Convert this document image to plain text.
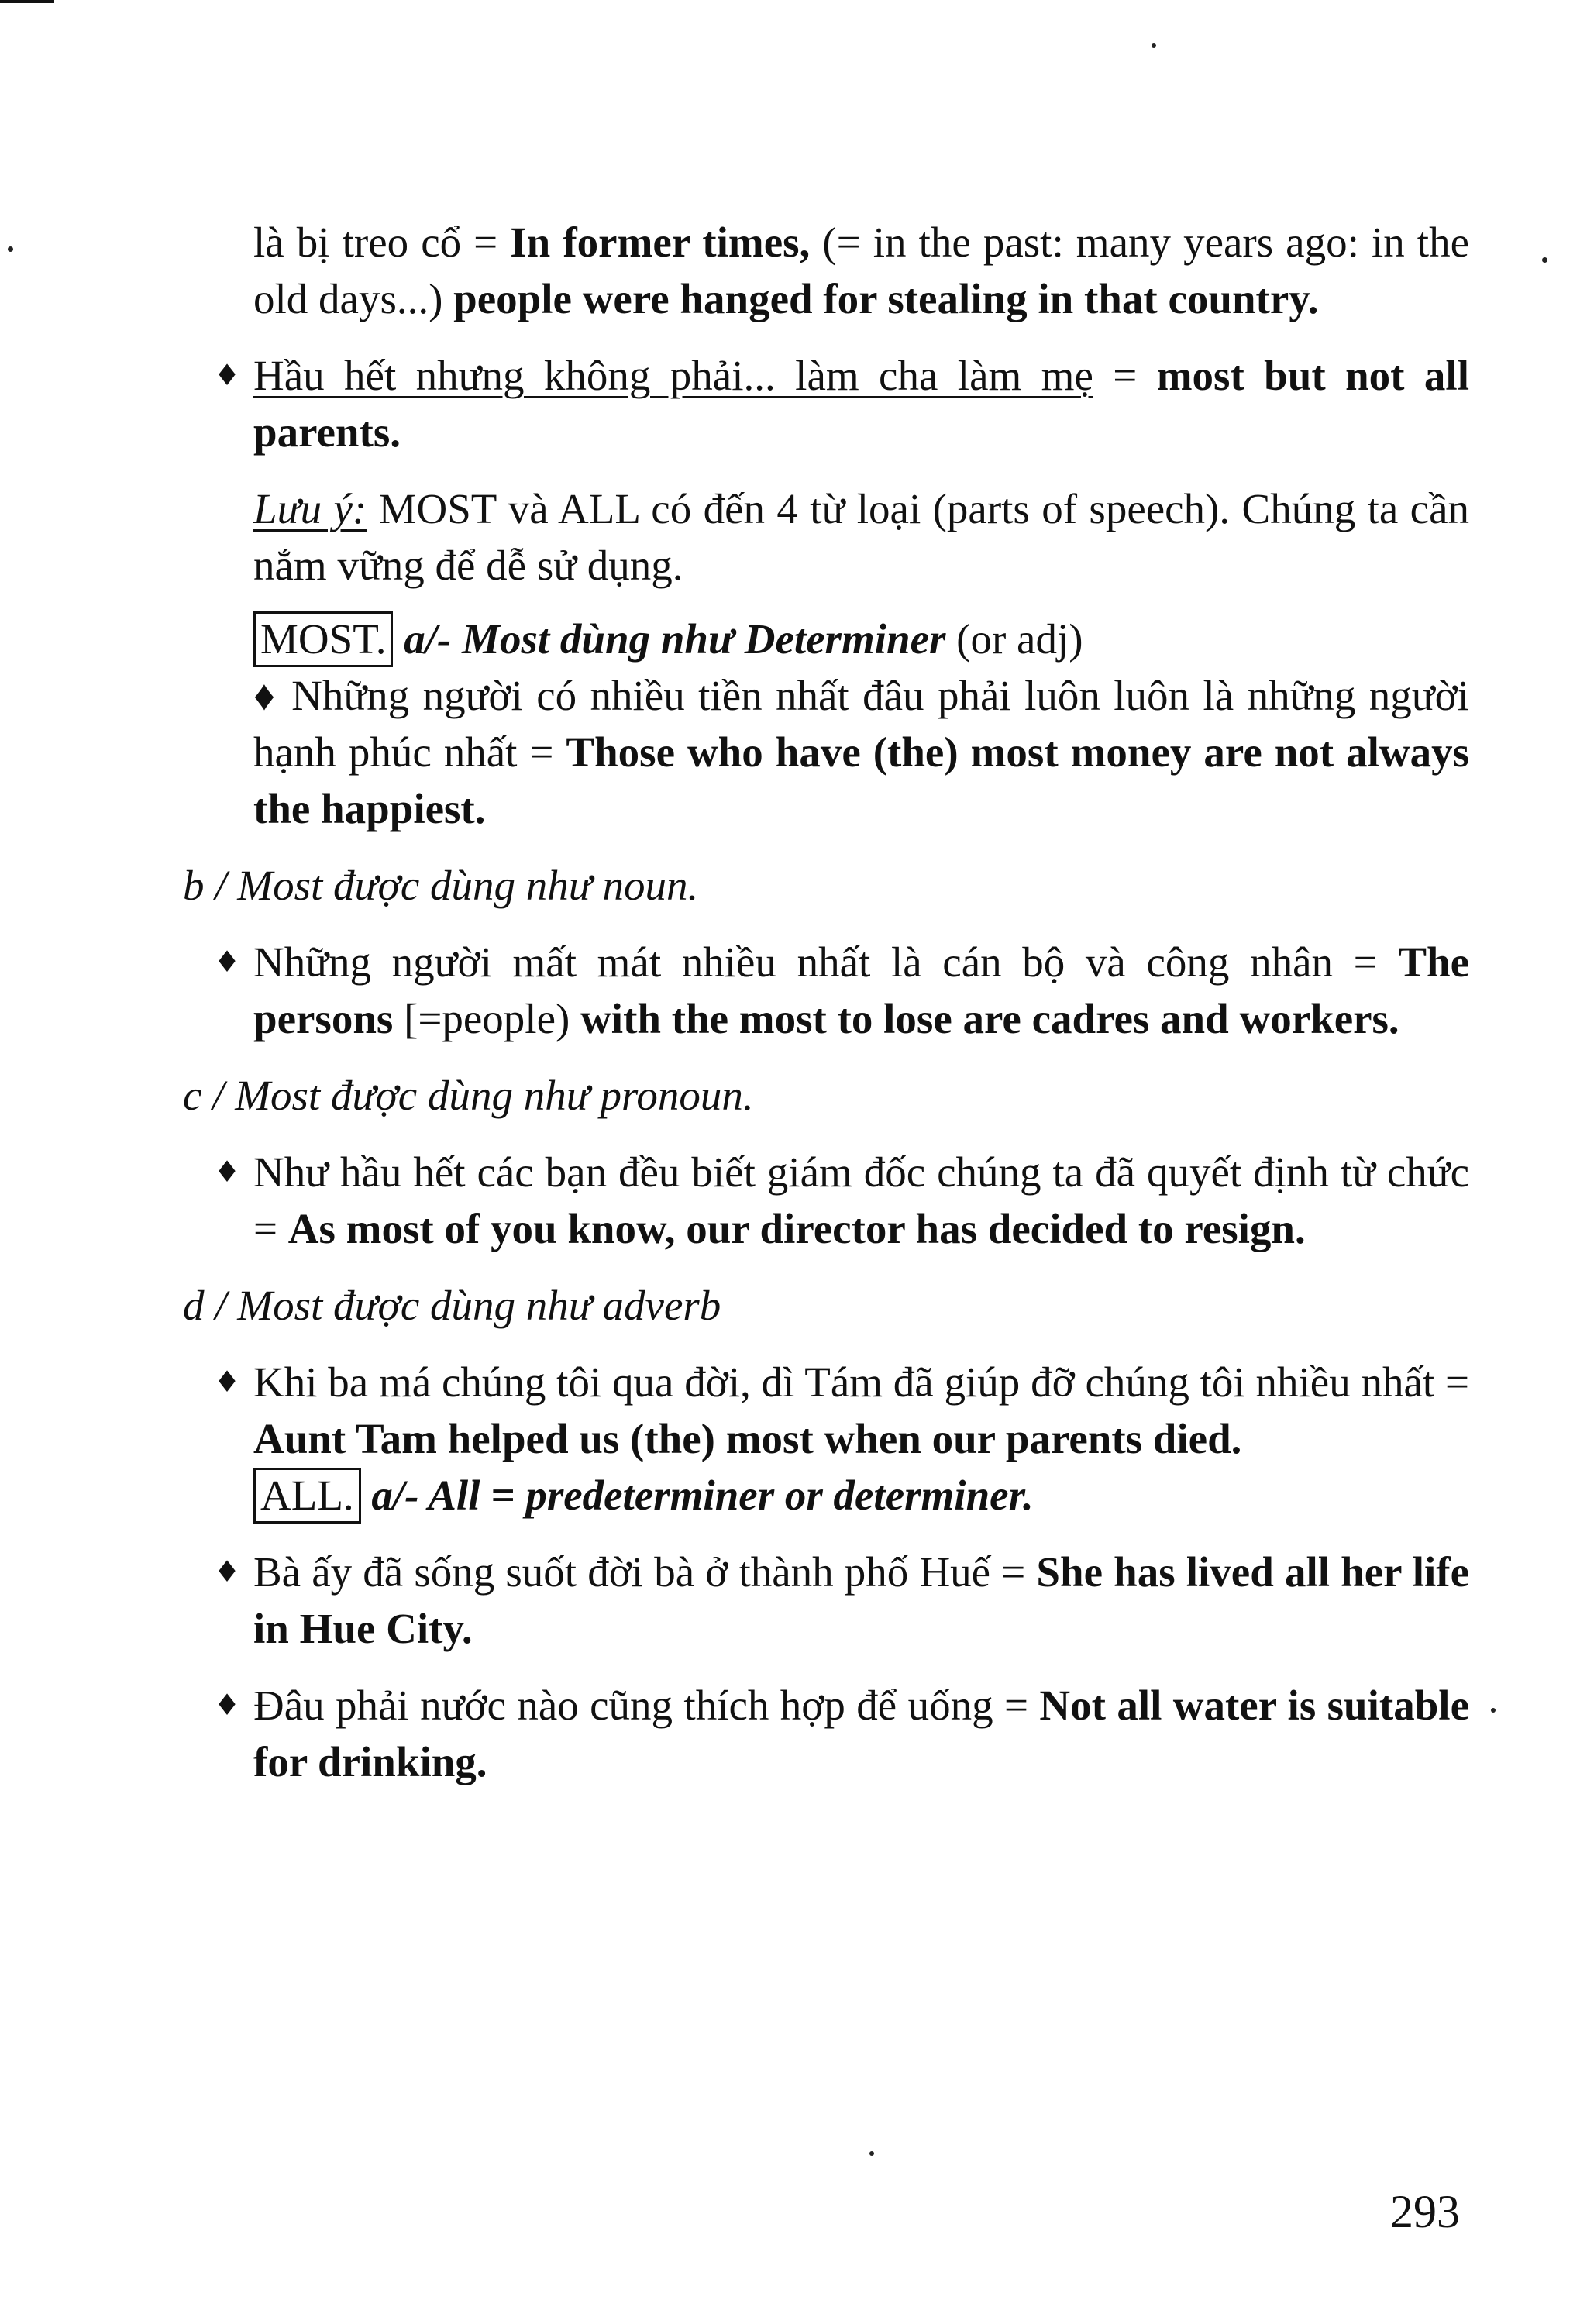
là bị treo cổ = In former times, (= in the past: many years ago: in the old days...) people were hanged for stealing in that country.
♦ Hầu hết nhưng không phải... làm cha làm mẹ = most but not all parents.
Lưu ý: MOST và ALL có đến 4 từ loại (parts of speech). Chúng ta cần nắm vững để dễ sử dụng.
MOST. a/- Most dùng như Determiner (or adj)
♦ Những người có nhiều tiền nhất đâu phải luôn luôn là những người hạnh phúc nhất = Those who have (the) most money are not always the happiest.
b / Most được dùng như noun.
♦ Những người mất mát nhiều nhất là cán bộ và công nhân = The persons [=people) with the most to lose are cadres and workers.
c / Most được dùng như pronoun.
♦ Như hầu hết các bạn đều biết giám đốc chúng ta đã quyết định từ chức = As most of you know, our director has decided to resign.
d / Most được dùng như adverb
♦ Khi ba má chúng tôi qua đời, dì Tám đã giúp đỡ chúng tôi nhiều nhất = Aunt Tam helped us (the) most when our parents died.
ALL. a/- All = predeterminer or determiner.
♦ Bà ấy đã sống suốt đời bà ở thành phố Huế = She has lived all her life in Hue City.
♦ Đâu phải nước nào cũng thích hợp để uống = Not all water is suitable for drinking.
293
